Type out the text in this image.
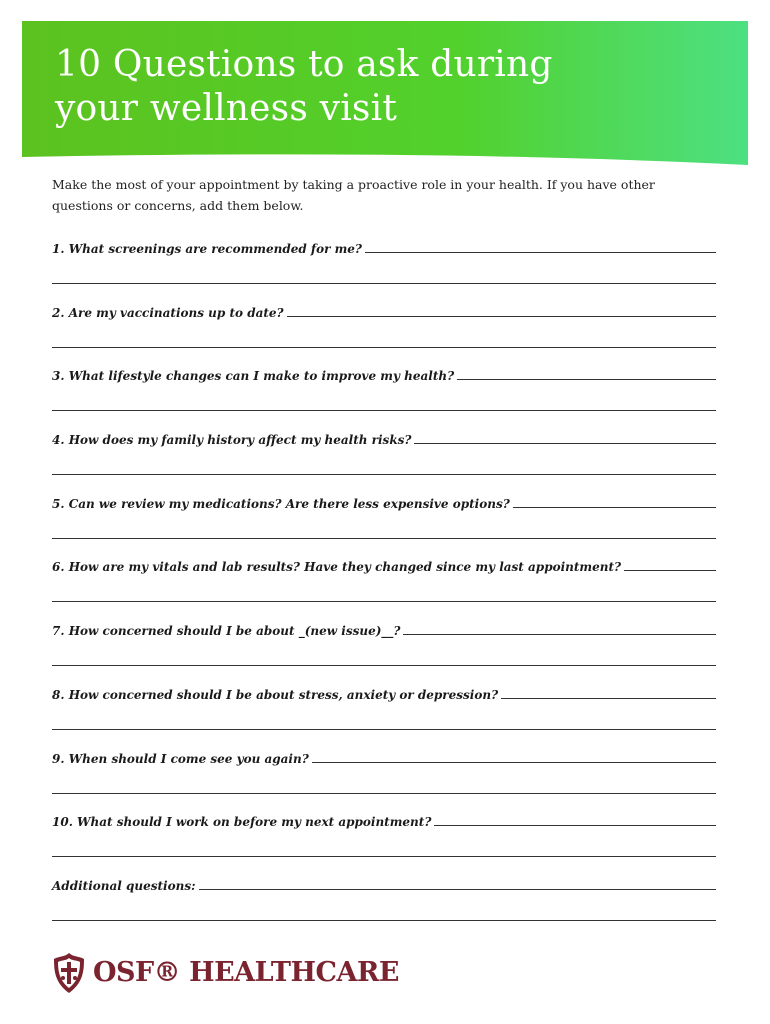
10 Questions to ask during
your wellness visit

Make the most of your appointment by taking a proactive role in your health. If you have other questions or concerns, add them below.

1. What screenings are recommended for me?
2. Are my vaccinations up to date?
3. What lifestyle changes can I make to improve my health?
4. How does my family history affect my health risks?
5. Can we review my medications? Are there less expensive options?
6. How are my vitals and lab results? Have they changed since my last appointment?
7. How concerned should I be about _(new issue)__?
8. How concerned should I be about stress, anxiety or depression?
9. When should I come see you again?
10. What should I work on before my next appointment?
Additional questions:
OSF® HEALTHCARE
